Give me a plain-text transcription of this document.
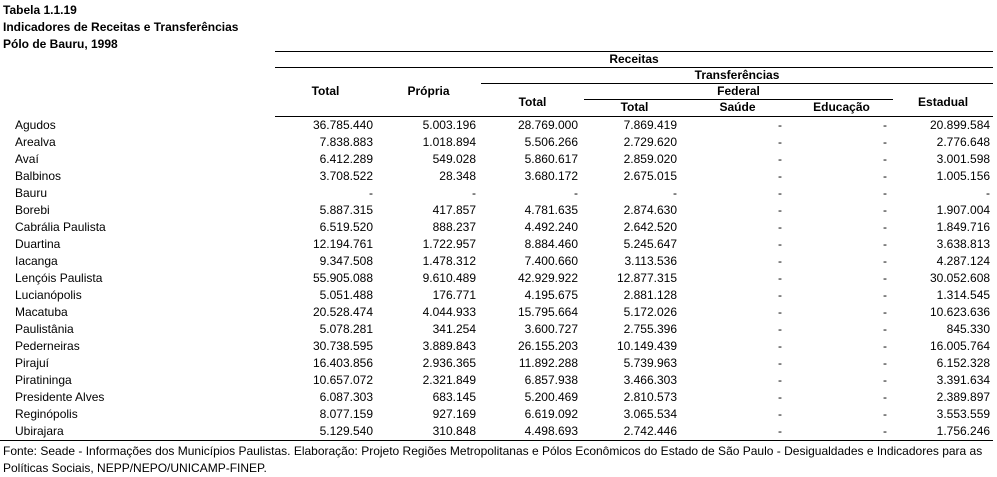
Tabela 1.1.19
Indicadores de Receitas e Transferências
Pólo de Bauru, 1998
	Receitas						
	Total	Própria	Transferências				
			Total	Federal			Estadual
				Total	Saúde	Educação	

Agudos	36.785.440	5.003.196	28.769.000	7.869.419	-	-	20.899.584
Arealva	7.838.883	1.018.894	5.506.266	2.729.620	-	-	2.776.648
Avaí	6.412.289	549.028	5.860.617	2.859.020	-	-	3.001.598
Balbinos	3.708.522	28.348	3.680.172	2.675.015	-	-	1.005.156
Bauru	-	-	-	-	-	-	-
Borebi	5.887.315	417.857	4.781.635	2.874.630	-	-	1.907.004
Cabrália Paulista	6.519.520	888.237	4.492.240	2.642.520	-	-	1.849.716
Duartina	12.194.761	1.722.957	8.884.460	5.245.647	-	-	3.638.813
Iacanga	9.347.508	1.478.312	7.400.660	3.113.536	-	-	4.287.124
Lençóis Paulista	55.905.088	9.610.489	42.929.922	12.877.315	-	-	30.052.608
Lucianópolis	5.051.488	176.771	4.195.675	2.881.128	-	-	1.314.545
Macatuba	20.528.474	4.044.933	15.795.664	5.172.026	-	-	10.623.636
Paulistânia	5.078.281	341.254	3.600.727	2.755.396	-	-	845.330
Pederneiras	30.738.595	3.889.843	26.155.203	10.149.439	-	-	16.005.764
Pirajuí	16.403.856	2.936.365	11.892.288	5.739.963	-	-	6.152.328
Piratininga	10.657.072	2.321.849	6.857.938	3.466.303	-	-	3.391.634
Presidente Alves	6.087.303	683.145	5.200.469	2.810.573	-	-	2.389.897
Reginópolis	8.077.159	927.169	6.619.092	3.065.534	-	-	3.553.559
Ubirajara	5.129.540	310.848	4.498.693	2.742.446	-	-	1.756.246
Fonte: Seade - Informações dos Municípios Paulistas. Elaboração: Projeto Regiões Metropolitanas e Pólos Econômicos do Estado de São Paulo - Desigualdades e Indicadores para as Políticas Sociais, NEPP/NEPO/UNICAMP-FINEP.
